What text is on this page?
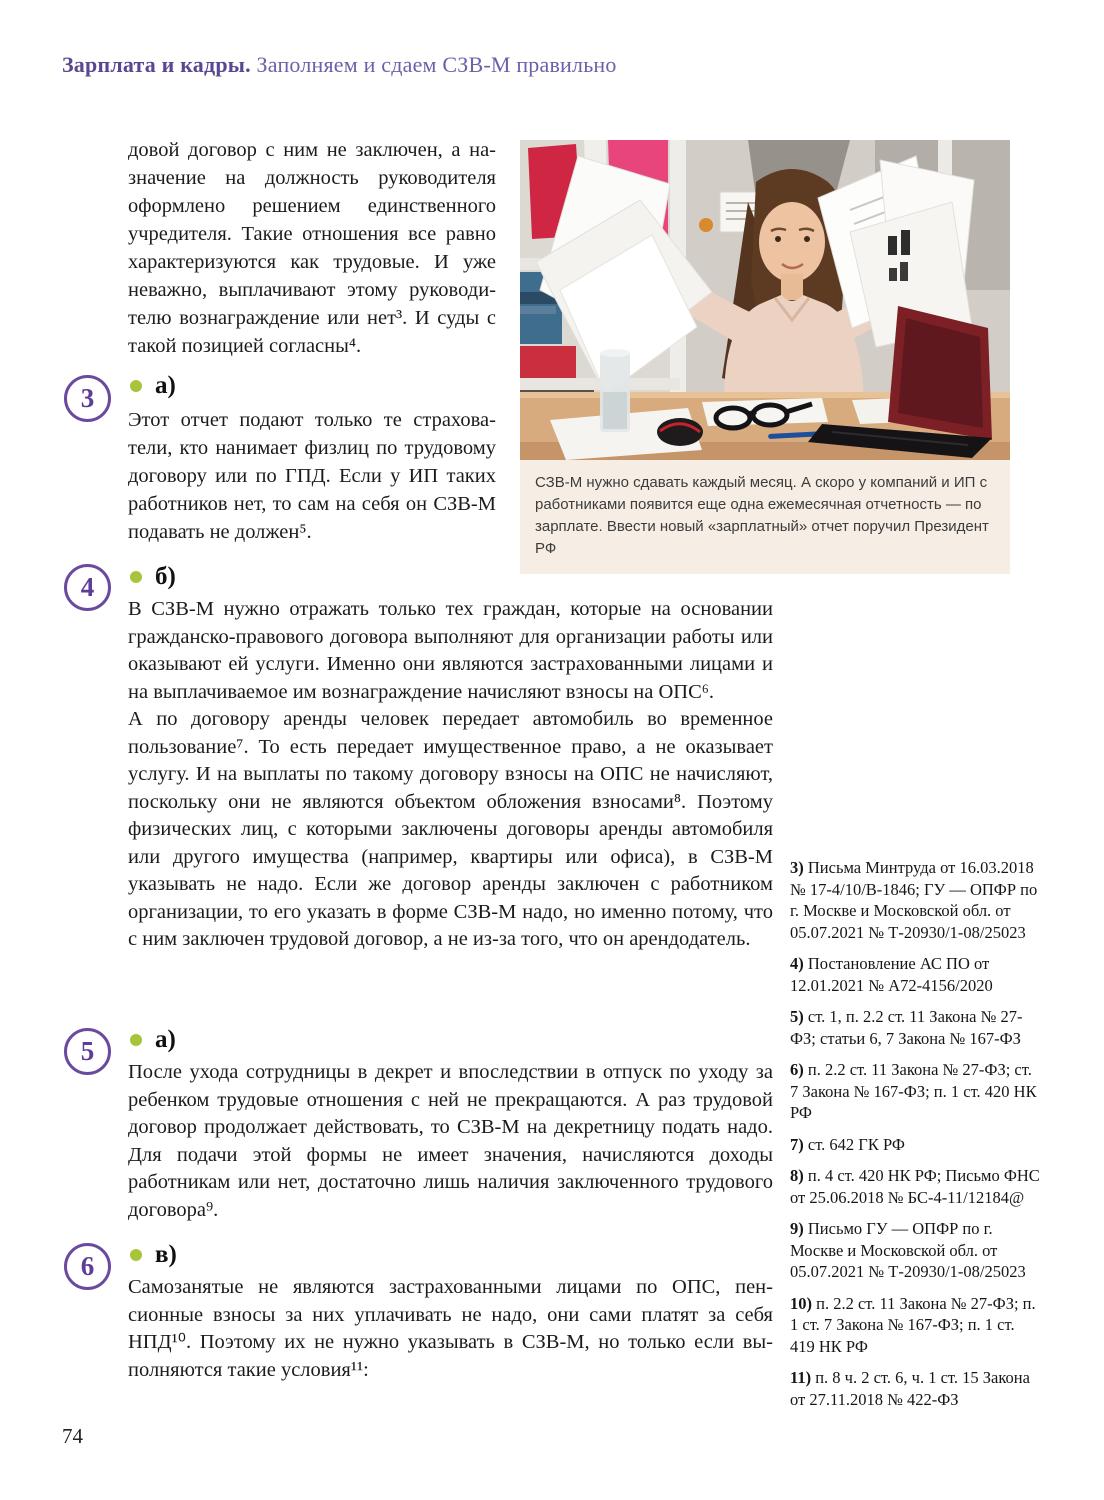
Зарплата и кадры. Заполняем и сдаем СЗВ-М правильно

довой договор с ним не заключен, а назначение на должность руководителя оформлено решением единственного учредителя. Такие отношения все равно характеризуются как трудовые. И уже неважно, выплачивают этому руководителю вознаграждение или нет³. И суды с такой позицией согласны⁴.

СЗВ-М нужно сдавать каждый месяц. А скоро у компаний и ИП с работниками появится еще одна ежемесячная отчетность — по зарплате. Ввести новый «зарплатный» отчет поручил Президент РФ
3 а)

Этот отчет подают только те страхователи, кто нанимает физлиц по трудовому договору или по ГПД. Если у ИП таких работников нет, то сам на себя он СЗВ-М подавать не должен⁵.

4 б)

В СЗВ-М нужно отражать только тех граждан, которые на основании гражданско-правового договора выполняют для организации работы или оказывают ей услуги. Именно они являются застрахованными лицами и на выплачиваемое им вознаграждение начисляют взносы на ОПС⁶.

А по договору аренды человек передает автомобиль во временное пользование⁷. То есть передает имущественное право, а не оказывает услугу. И на выплаты по такому договору взносы на ОПС не начисляют, поскольку они не являются объектом обложения взносами⁸. Поэтому физических лиц, с которыми заключены договоры аренды автомобиля или другого имущества (например, квартиры или офиса), в СЗВ-М указывать не надо. Если же договор аренды заключен с работником организации, то его указать в форме СЗВ-М надо, но именно потому, что с ним заключен трудовой договор, а не из-за того, что он арендодатель.

5 а)

После ухода сотрудницы в декрет и впоследствии в отпуск по уходу за ребенком трудовые отношения с ней не прекращаются. А раз трудовой договор продолжает действовать, то СЗВ-М на декретницу подать надо. Для подачи этой формы не имеет значения, начисляются доходы работникам или нет, достаточно лишь наличия заключенного трудового договора⁹.

6 в)

Самозанятые не являются застрахованными лицами по ОПС, пенсионные взносы за них уплачивать не надо, они сами платят за себя НПД¹⁰. Поэтому их не нужно указывать в СЗВ-М, но только если выполняются такие условия¹¹:

3) Письма Минтруда от 16.03.2018 № 17-4/10/В-1846; ГУ — ОПФР по г. Москве и Московской обл. от 05.07.2021 № Т-20930/1-08/25023

4) Постановление АС ПО от 12.01.2021 № А72-4156/2020

5) ст. 1, п. 2.2 ст. 11 Закона № 27-ФЗ; статьи 6, 7 Закона № 167-ФЗ

6) п. 2.2 ст. 11 Закона № 27-ФЗ; ст. 7 Закона № 167-ФЗ; п. 1 ст. 420 НК РФ

7) ст. 642 ГК РФ

8) п. 4 ст. 420 НК РФ; Письмо ФНС от 25.06.2018 № БС-4-11/12184@

9) Письмо ГУ — ОПФР по г. Москве и Московской обл. от 05.07.2021 № Т-20930/1-08/25023

10) п. 2.2 ст. 11 Закона № 27-ФЗ; п. 1 ст. 7 Закона № 167-ФЗ; п. 1 ст. 419 НК РФ

11) п. 8 ч. 2 ст. 6, ч. 1 ст. 15 Закона от 27.11.2018 № 422-ФЗ

74
